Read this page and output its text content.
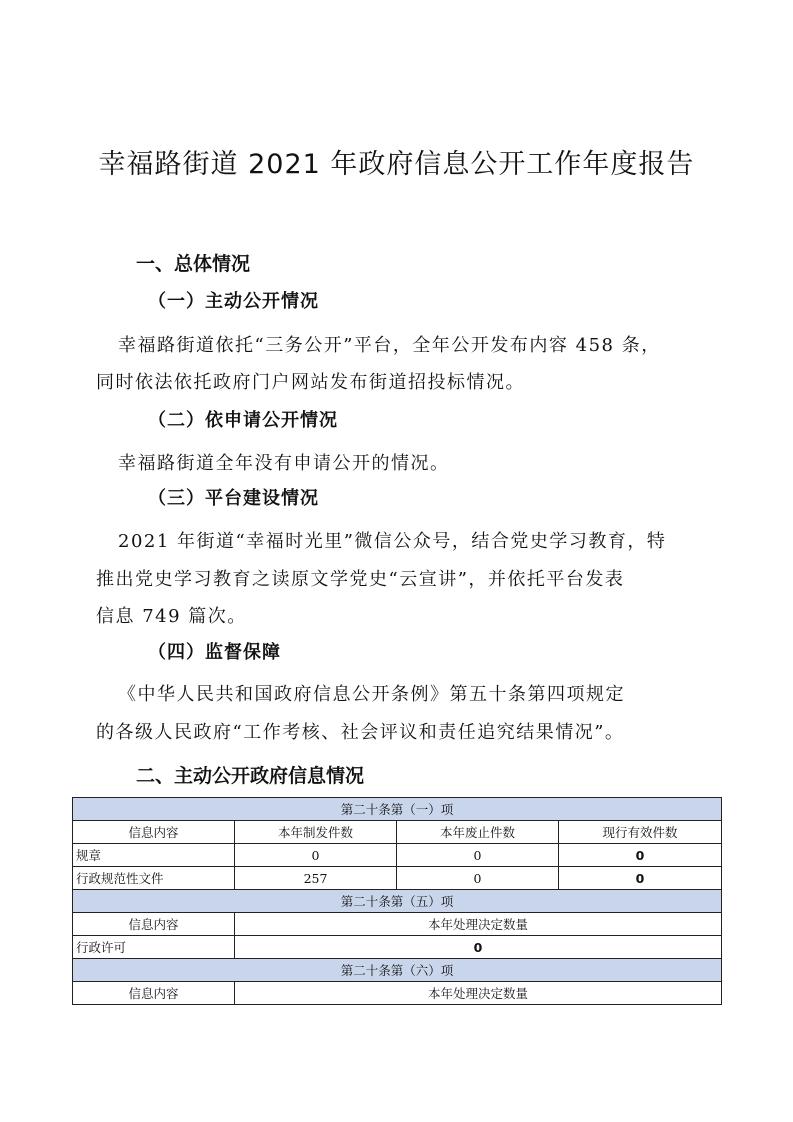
幸福路街道 2021 年政府信息公开工作年度报告
一、总体情况
（一）主动公开情况
幸福路街道依托“三务公开”平台，全年公开发布内容 458 条，
同时依法依托政府门户网站发布街道招投标情况。
（二）依申请公开情况
幸福路街道全年没有申请公开的情况。
（三）平台建设情况
2021 年街道“幸福时光里”微信公众号，结合党史学习教育，特
推出党史学习教育之读原文学党史“云宣讲”，并依托平台发表
信息 749 篇次。
（四）监督保障
《中华人民共和国政府信息公开条例》第五十条第四项规定
的各级人民政府“工作考核、社会评议和责任追究结果情况”。
二、主动公开政府信息情况
第二十条第（一）项			
信息内容	本年制发件数	本年废止件数	现行有效件数
规章	0	0	0
行政规范性文件	257	0	0
第二十条第（五）项			
信息内容	本年处理决定数量		
行政许可	0		
第二十条第（六）项			
信息内容	本年处理决定数量		
